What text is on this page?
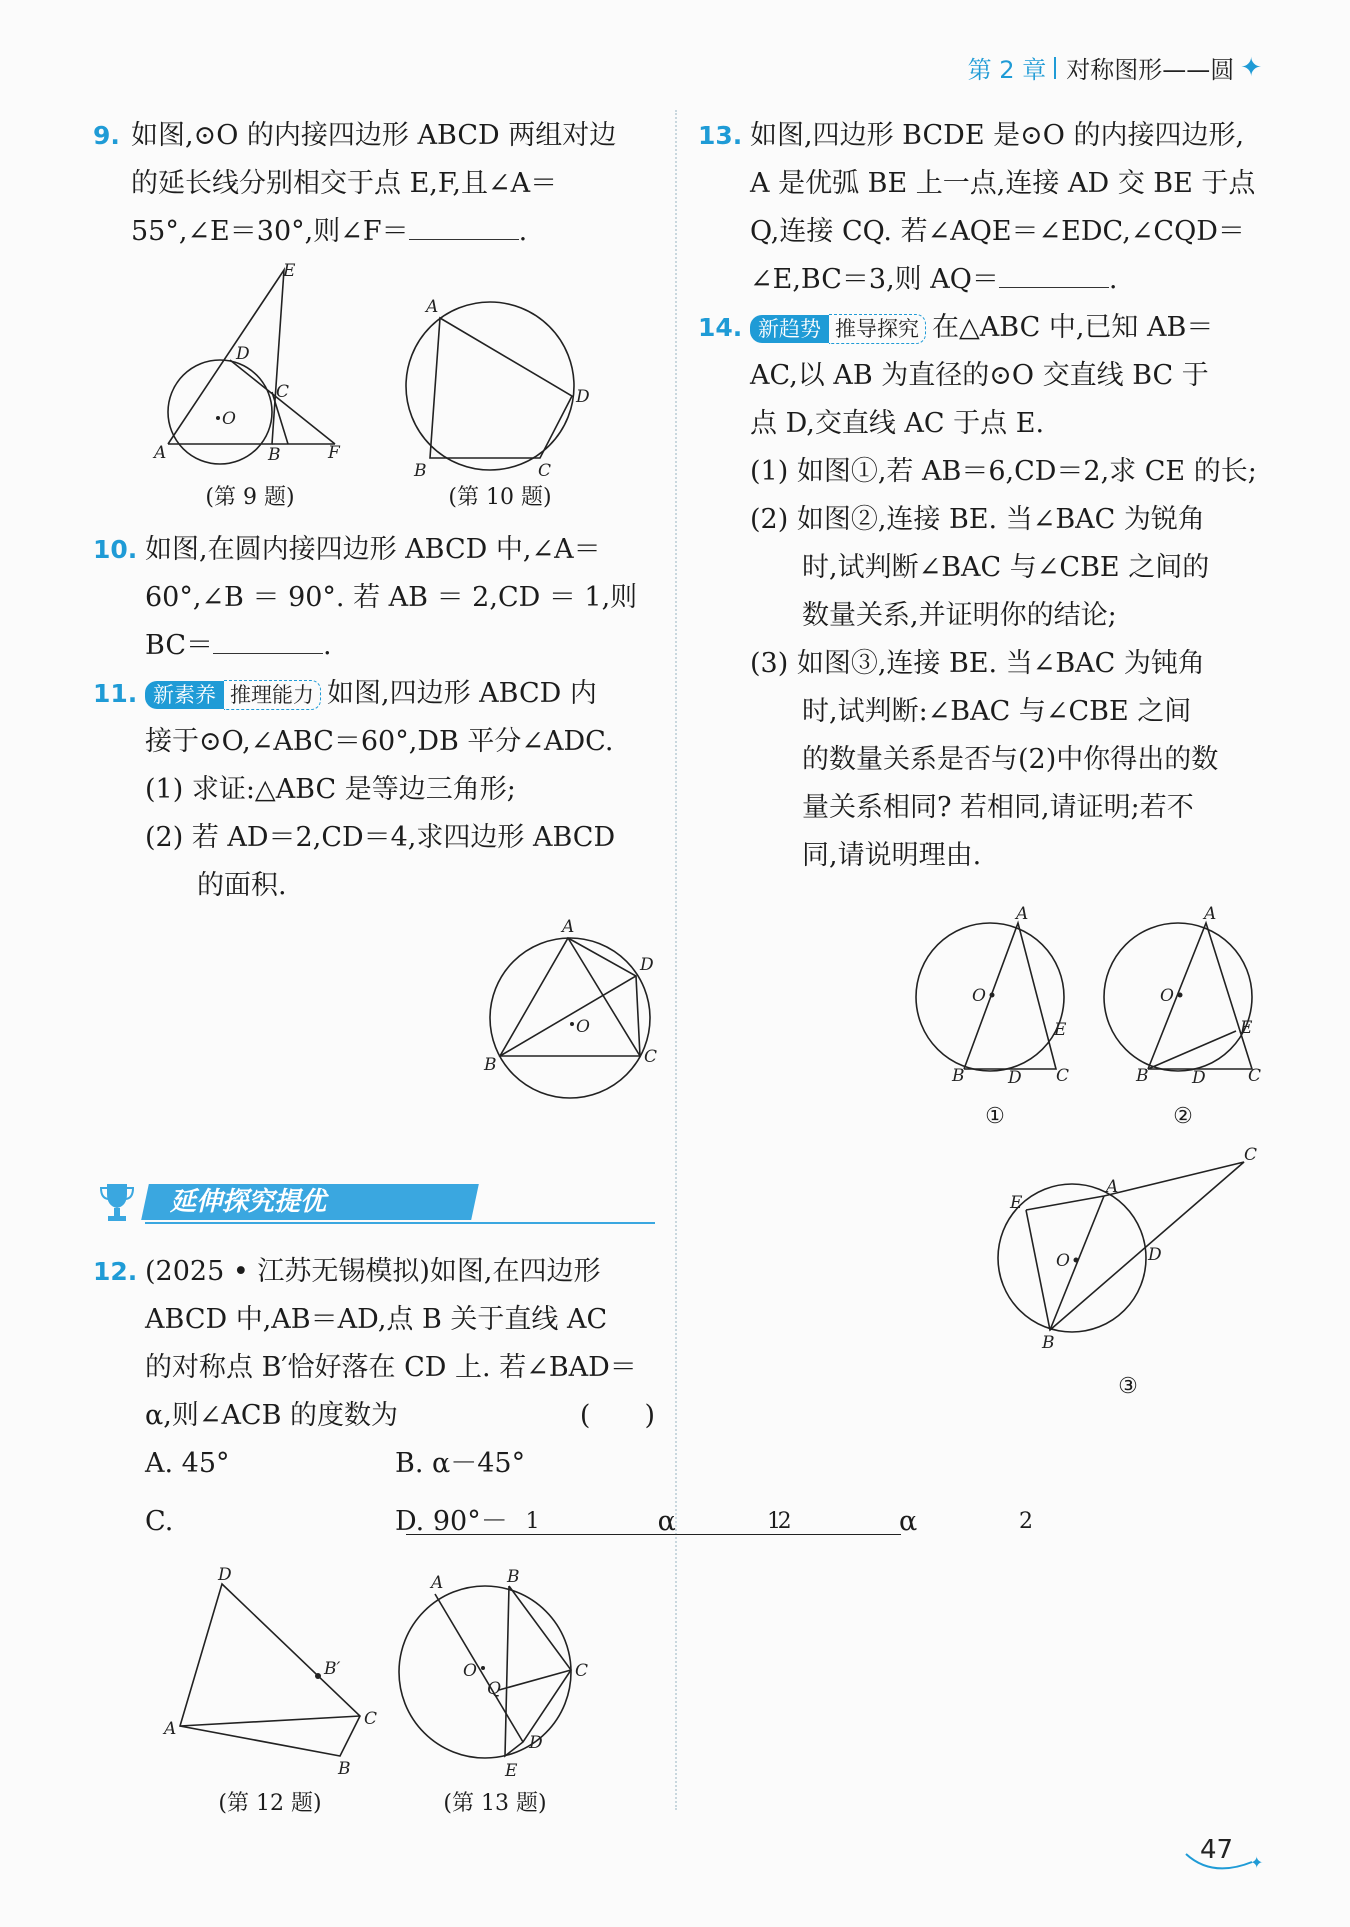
第 2 章 对称图形——圆 ✦
9. 如图,⊙O 的内接四边形 ABCD 两组对边
的延长线分别相交于点 E,F,且∠A＝
55°,∠E＝30°,则∠F＝	.
E
D
C
O
A	B	F
(第 9 题)
A
D
B	C
(第 10 题)
10. 如图,在圆内接四边形 ABCD 中,∠A＝
60°,∠B ＝ 90°. 若 AB ＝ 2,CD ＝ 1,则
BC＝	.
11. 新素养 推理能力 如图,四边形 ABCD 内
接于⊙O,∠ABC＝60°,DB 平分∠ADC.
(1) 求证:△ABC 是等边三角形;
(2) 若 AD＝2,CD＝4,求四边形 ABCD
的面积.
A
D
O
B	C
延伸探究提优
12. (2025 • 江苏无锡模拟)如图,在四边形
ABCD 中,AB＝AD,点 B 关于直线 AC
的对称点 B′恰好落在 CD 上. 若∠BAD＝
α,则∠ACB 的度数为	(　　)
A. 45°	B. α－45°
C.	1	2α
D. 90°－	1	2α
D
B′
A	C
B
(第 12 题)
A	B
O
Q
C
D
E
(第 13 题)
13. 如图,四边形 BCDE 是⊙O 的内接四边形,
A 是优弧 BE 上一点,连接 AD 交 BE 于点
Q,连接 CQ. 若∠AQE＝∠EDC,∠CQD＝
∠E,BC＝3,则 AQ＝	.
14. 新趋势 推导探究 在△ABC 中,已知 AB＝
AC,以 AB 为直径的⊙O 交直线 BC 于
点 D,交直线 AC 于点 E.
(1) 如图①,若 AB＝6,CD＝2,求 CE 的长;
(2) 如图②,连接 BE. 当∠BAC 为锐角
时,试判断∠BAC 与∠CBE 之间的
数量关系,并证明你的结论;
(3) 如图③,连接 BE. 当∠BAC 为钝角
时,试判断:∠BAC 与∠CBE 之间
的数量关系是否与(2)中你得出的数
量关系相同? 若相同,请证明;若不
同,请说明理由.
A
O
E
B	D C
①
A
O
E
B	D C
②
A
C
E
O	D
B
③
✦
47
